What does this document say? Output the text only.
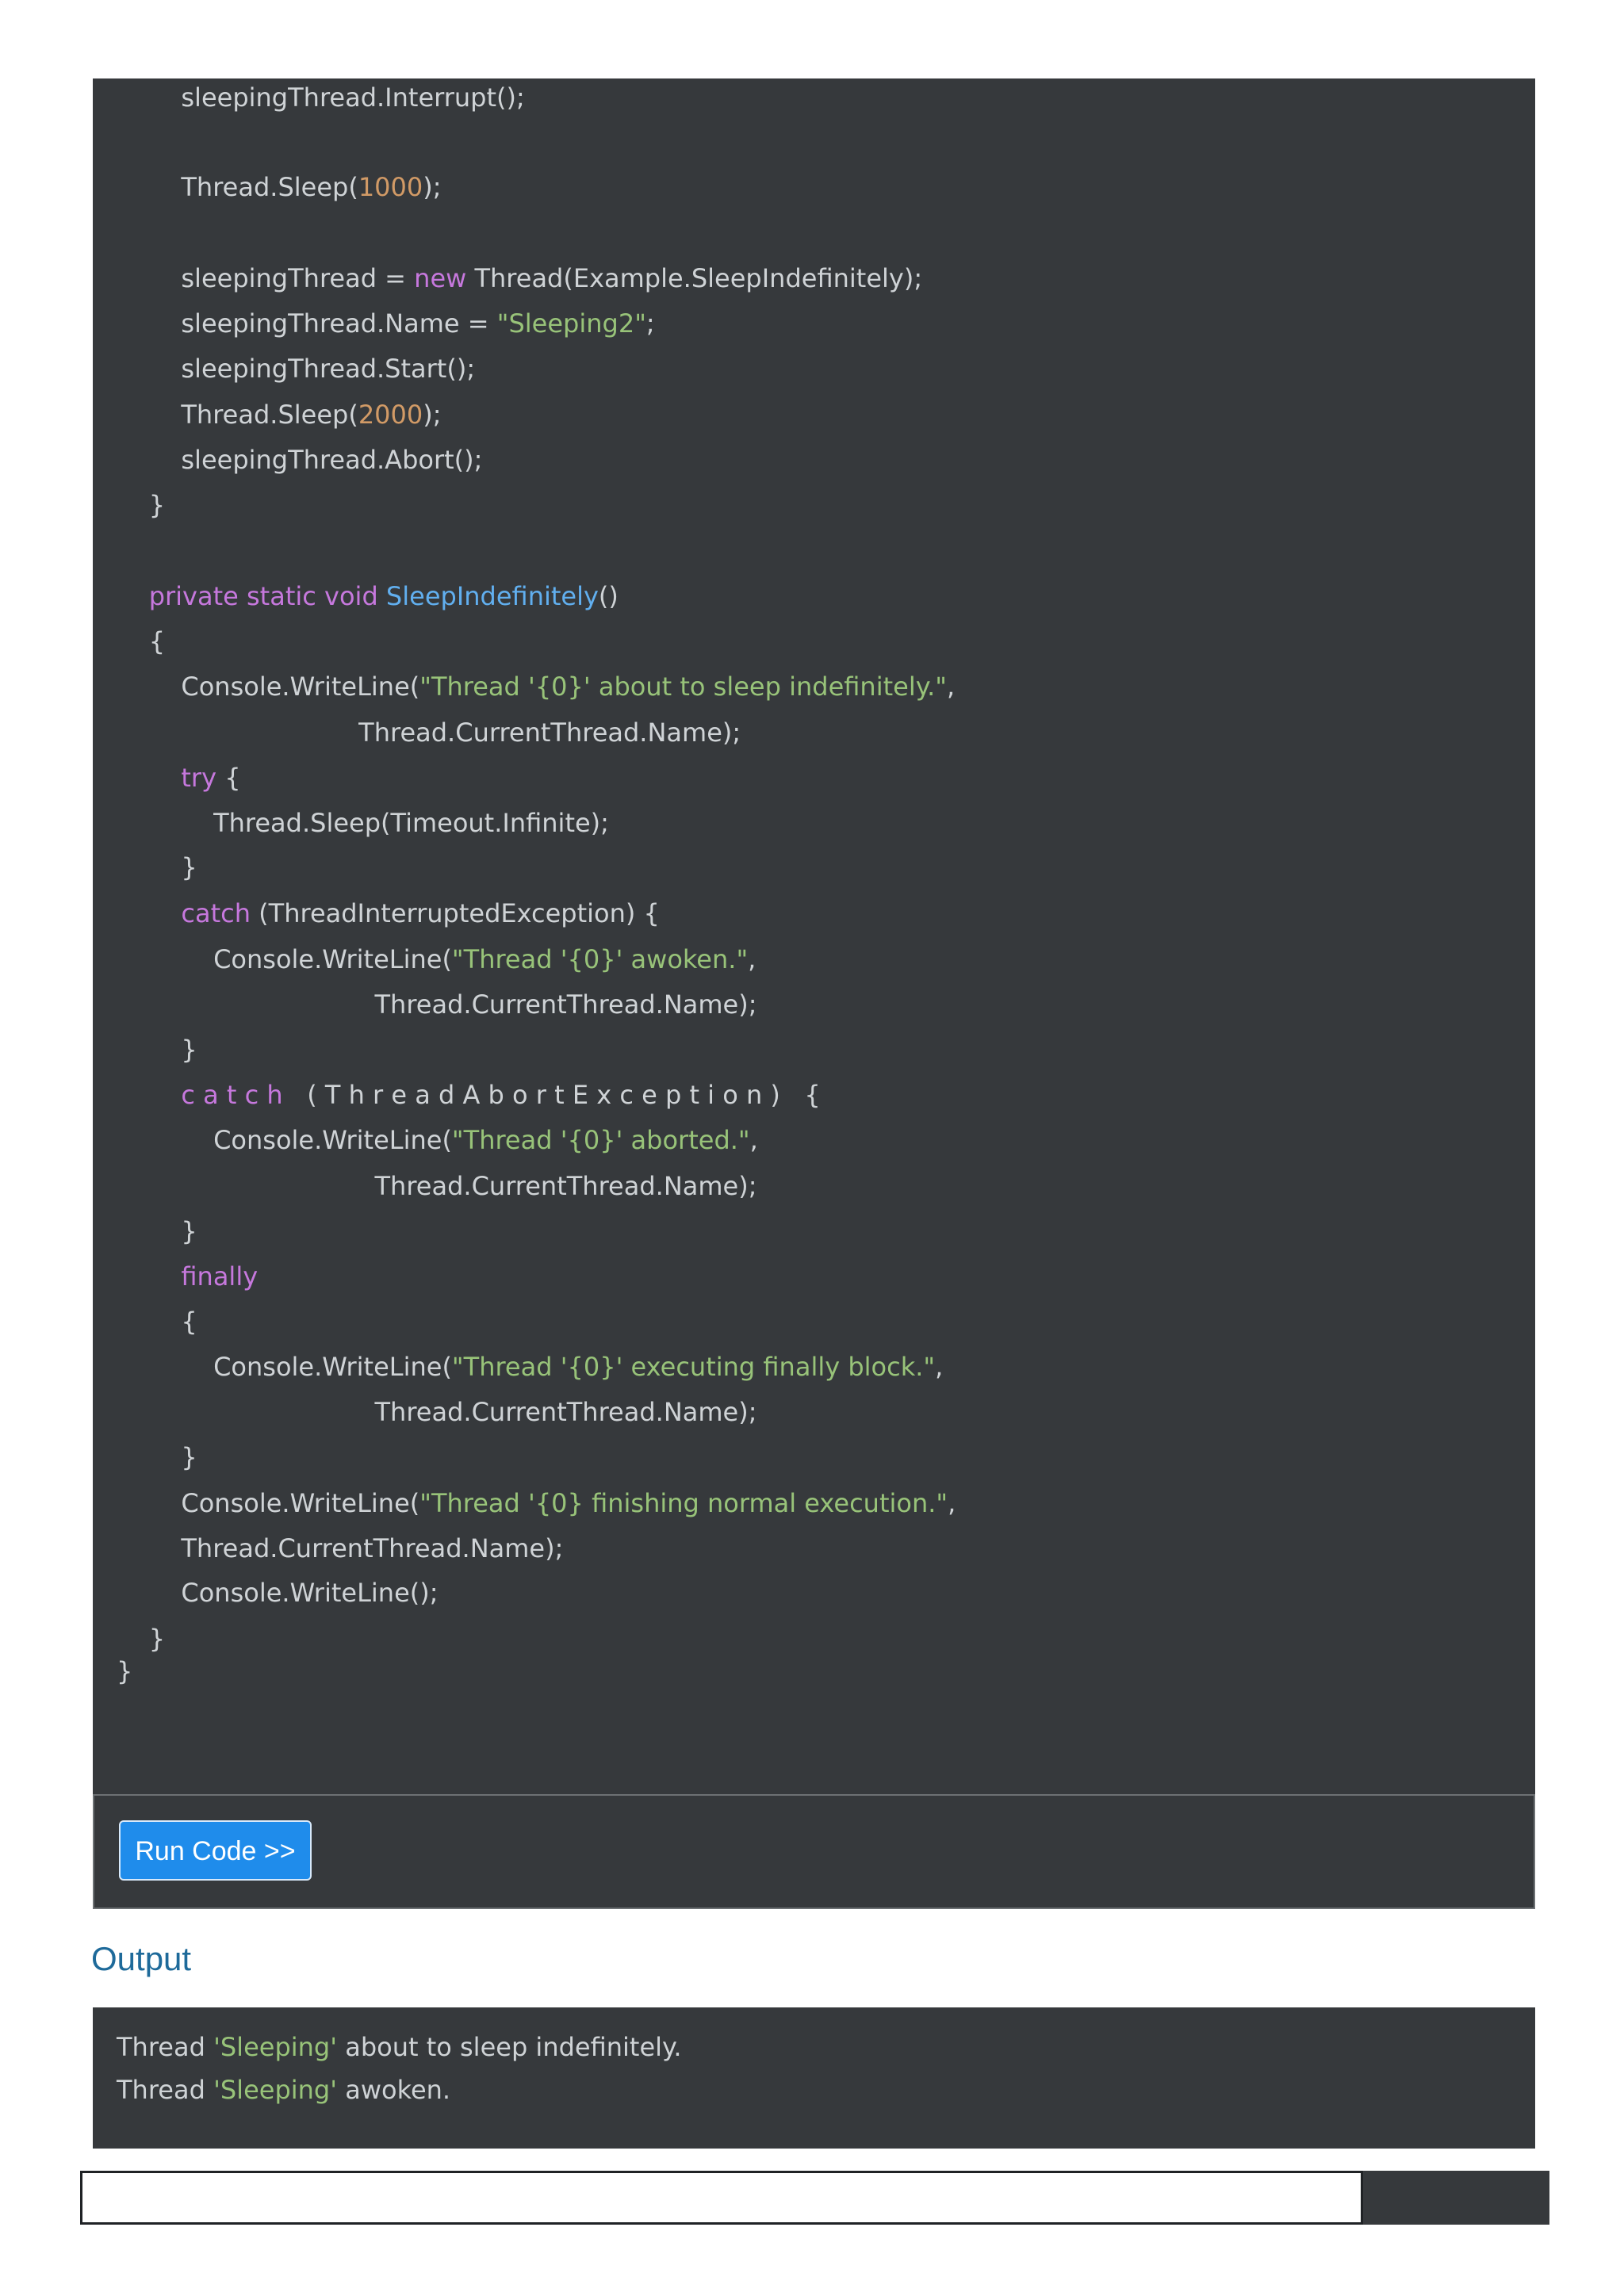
sleepingThread.Interrupt();
Thread.Sleep(1000);
sleepingThread = new Thread(Example.SleepIndefinitely);
sleepingThread.Name = "Sleeping2";
sleepingThread.Start();
Thread.Sleep(2000);
sleepingThread.Abort();
}
private static void SleepIndefinitely()
{
Console.WriteLine("Thread '{0}' about to sleep indefinitely.",
Thread.CurrentThread.Name);
try {
Thread.Sleep(Timeout.Infinite);
}
catch (ThreadInterruptedException) {
Console.WriteLine("Thread '{0}' awoken.",
Thread.CurrentThread.Name);
}
c a t c h   ( T h r e a d A b o r t E x c e p t i o n )   {
Console.WriteLine("Thread '{0}' aborted.",
Thread.CurrentThread.Name);
}
finally
{
Console.WriteLine("Thread '{0}' executing finally block.",
Thread.CurrentThread.Name);
}
Console.WriteLine("Thread '{0} finishing normal execution.",
Thread.CurrentThread.Name);
Console.WriteLine();
}
}
Run Code >>
Output
Thread 'Sleeping' about to sleep indefinitely.
Thread 'Sleeping' awoken.
